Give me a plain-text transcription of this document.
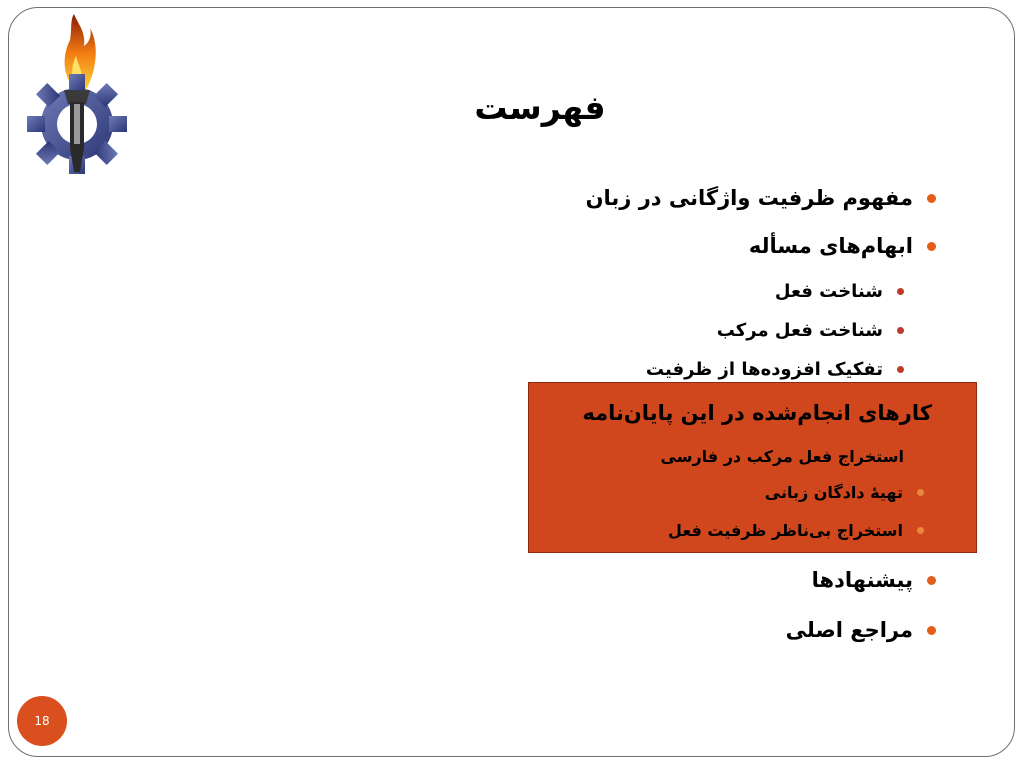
فهرست
مفهوم ظرفیت واژگانی در زبان
ابهام‌های مسأله
شناخت فعل
شناخت فعل مرکب
تفکیک افزوده‌ها از ظرفیت
کارهای انجام‌شده در این پایان‌نامه
استخراج فعل مرکب در فارسی
تهیهٔ دادگان زبانی
استخراج بی‌ناظر ظرفیت فعل
پیشنهادها
مراجع اصلی
18
